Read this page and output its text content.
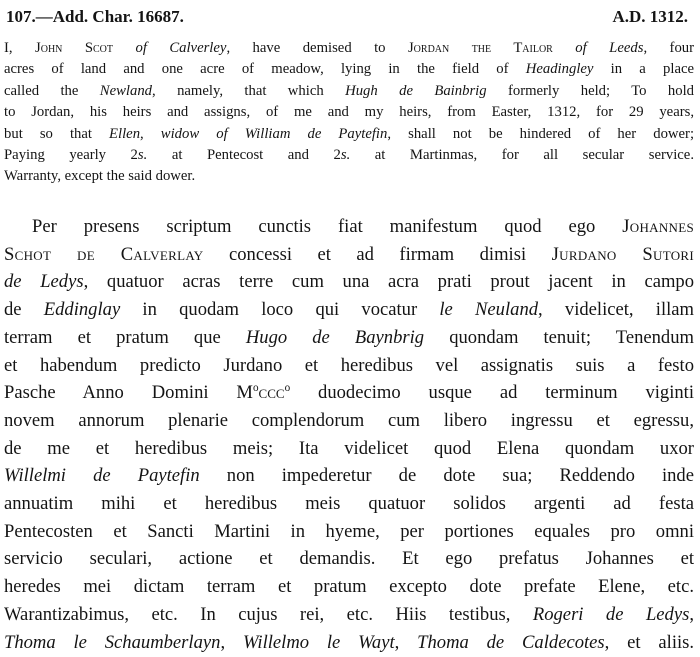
107.—Add. Char. 16687.	A.D. 1312.
I, John Scot of Calverley, have demised to Jordan the Tailor of Leeds, four
acres of land and one acre of meadow, lying in the field of Headingley in a place
called the Newland, namely, that which Hugh de Bainbrig formerly held; To hold
to Jordan, his heirs and assigns, of me and my heirs, from Easter, 1312, for 29 years,
but so that Ellen, widow of William de Paytefin, shall not be hindered of her dower;
Paying yearly 2s. at Pentecost and 2s. at Martinmas, for all secular service.
Warranty, except the said dower.
Per presens scriptum cunctis fiat manifestum quod ego Johannes
Schot de Calverlay concessi et ad firmam dimisi Jurdano Sutori
de Ledys, quatuor acras terre cum una acra prati prout jacent in campo
de Eddinglay in quodam loco qui vocatur le Neuland, videlicet, illam
terram et pratum que Hugo de Baynbrig quondam tenuit; Tenendum
et habendum predicto Jurdano et heredibus vel assignatis suis a festo
Pasche Anno Domini $M^occc^o$ duodecimo usque ad terminum viginti
novem annorum plenarie complendorum cum libero ingressu et egressu,
de me et heredibus meis; Ita videlicet quod Elena quondam uxor
Willelmi de Paytefin non impederetur de dote sua; Reddendo inde
annuatim mihi et heredibus meis quatuor solidos argenti ad festa
Pentecosten et Sancti Martini in hyeme, per portiones equales pro omni
servicio seculari, actione et demandis. Et ego prefatus Johannes et
heredes mei dictam terram et pratum excepto dote prefate Elene, etc.
Warantizabimus, etc. In cujus rei, etc. Hiis testibus, Rogeri de Ledys,
Thoma le Schaumberlayn, Willelmo le Wayt, Thoma de Caldecotes, et aliis.
